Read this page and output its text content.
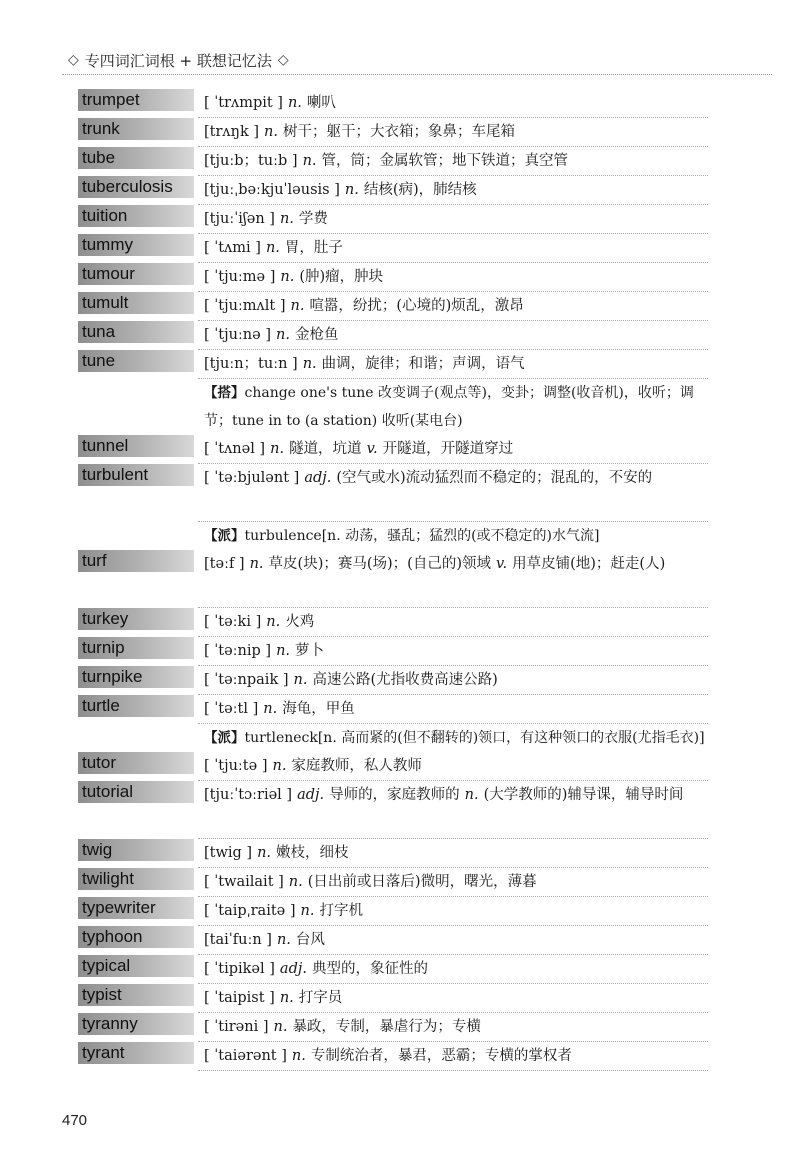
◇ 专四词汇词根 + 联想记忆法 ◇
trumpet	[ ˈtrʌmpit ] n. 喇叭
trunk	[trʌŋk ] n. 树干；躯干；大衣箱；象鼻；车尾箱
tube	[tjuːb；tuːb ] n. 管，筒；金属软管；地下铁道；真空管
tuberculosis	[tjuːˌbəːkjuˈləusis ] n. 结核(病)，肺结核
tuition	[tjuːˈiʃən ] n. 学费
tummy	[ ˈtʌmi ] n. 胃，肚子
tumour	[ ˈtjuːmə ] n. (肿)瘤，肿块
tumult	[ ˈtjuːmʌlt ] n. 喧嚣，纷扰；(心境的)烦乱，激昂
tuna	[ ˈtjuːnə ] n. 金枪鱼
tune	[tjuːn；tuːn ] n. 曲调，旋律；和谐；声调，语气
【搭】change one's tune 改变调子(观点等)，变卦；调整(收音机)，收听；调节；tune in to (a station) 收听(某电台)
tunnel	[ ˈtʌnəl ] n. 隧道，坑道 v. 开隧道，开隧道穿过
turbulent	[ ˈtəːbjulənt ] adj. (空气或水)流动猛烈而不稳定的；混乱的，不安的
【派】turbulence[n. 动荡，骚乱；猛烈的(或不稳定的)水气流]
turf	[təːf ] n. 草皮(块)；赛马(场)；(自己的)领域 v. 用草皮铺(地)；赶走(人)
turkey	[ ˈtəːki ] n. 火鸡
turnip	[ ˈtəːnip ] n. 萝卜
turnpike	[ ˈtəːnpaik ] n. 高速公路(尤指收费高速公路)
turtle	[ ˈtəːtl ] n. 海龟，甲鱼
【派】turtleneck[n. 高而紧的(但不翻转的)领口，有这种领口的衣服(尤指毛衣)]
tutor	[ ˈtjuːtə ] n. 家庭教师，私人教师
tutorial	[tjuːˈtɔːriəl ] adj. 导师的，家庭教师的 n. (大学教师的)辅导课，辅导时间
twig	[twig ] n. 嫩枝，细枝
twilight	[ ˈtwailait ] n. (日出前或日落后)微明，曙光，薄暮
typewriter	[ ˈtaipˌraitə ] n. 打字机
typhoon	[taiˈfuːn ] n. 台风
typical	[ ˈtipikəl ] adj. 典型的，象征性的
typist	[ ˈtaipist ] n. 打字员
tyranny	[ ˈtirəni ] n. 暴政，专制，暴虐行为；专横
tyrant	[ ˈtaiərənt ] n. 专制统治者，暴君，恶霸；专横的掌权者
470
